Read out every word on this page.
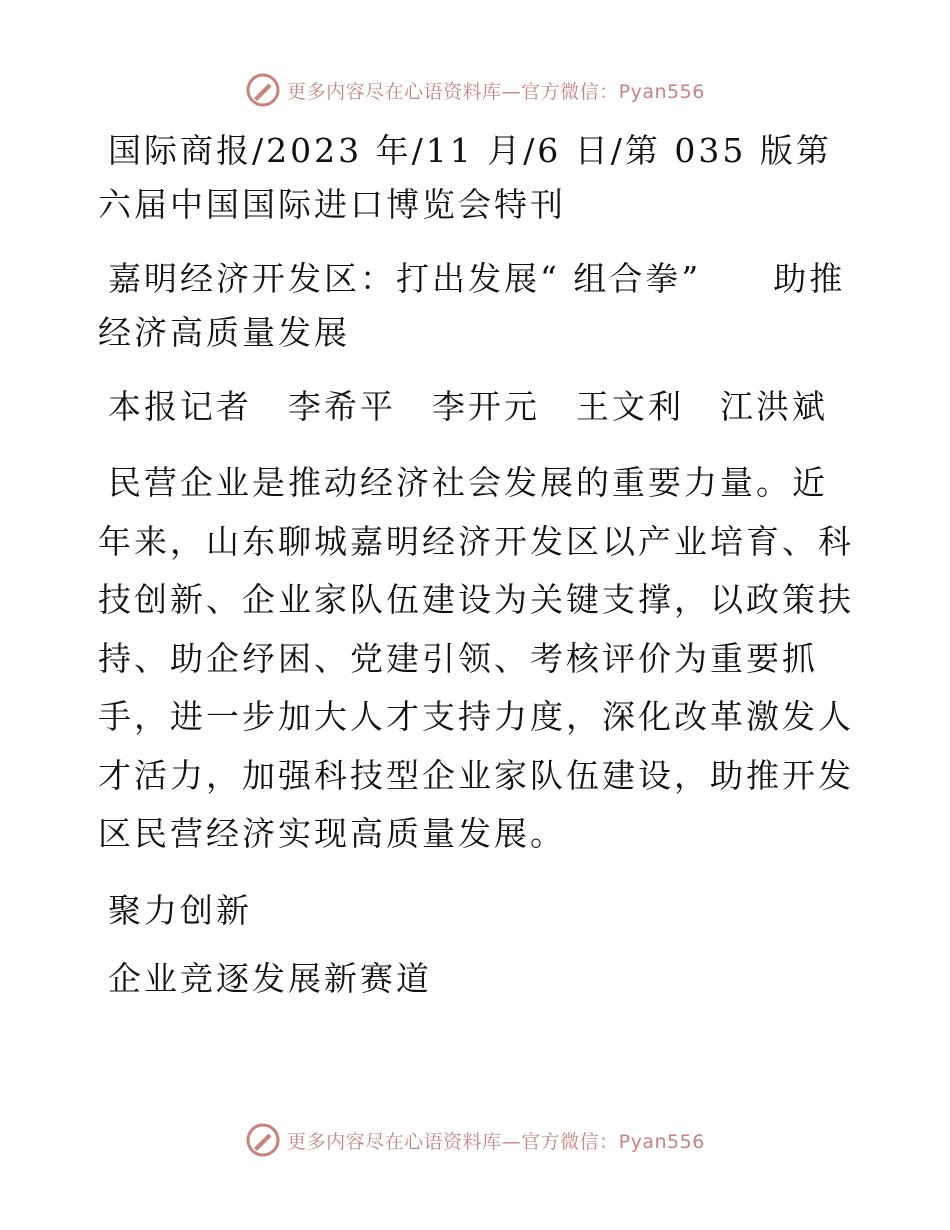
更多内容尽在心语资料库—官方微信：Pyan556

国际商报/2023 年/11 月/6 日/第 035 版第六届中国国际进口博览会特刊

嘉明经济开发区：打出发展“ 组合拳”　　助推经济高质量发展

本报记者　李希平　李开元　王文利　江洪斌

民营企业是推动经济社会发展的重要力量。近年来，山东聊城嘉明经济开发区以产业培育、科技创新、企业家队伍建设为关键支撑，以政策扶持、助企纾困、党建引领、考核评价为重要抓手，进一步加大人才支持力度，深化改革激发人才活力，加强科技型企业家队伍建设，助推开发区民营经济实现高质量发展。

聚力创新

企业竞逐发展新赛道

更多内容尽在心语资料库—官方微信：Pyan556
